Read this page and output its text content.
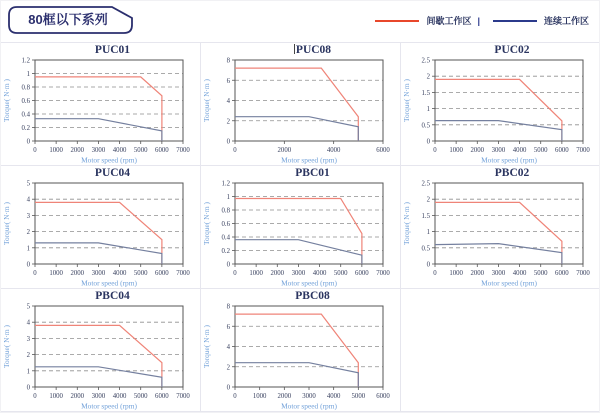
80框以下系列	间歇工作区 |	连续工作区
PUC01
0
0.2
0.4
0.6
0.8
1
1.2
0 1000 2000 3000 4000 5000 6000 7000
Motor speed (rpm)
Torque( N·m )
PUC08
0
2
4
6
8
0	2000	4000	6000
Motor speed (rpm)
Torque( N·m )
PUC02
0
0.5
1
1.5
2
2.5
0 1000 2000 3000 4000 5000 6000 7000
Motor speed (rpm)
Torque( N·m )
PUC04
0
1
2
3
4
5
0 1000 2000 3000 4000 5000 6000 7000
Motor speed (rpm)
Torque( N·m )
PBC01
0
0.2
0.4
0.6
0.8
1
1.2
0 1000 2000 3000 4000 5000 6000 7000
Motor speed (rpm)
Torque( N·m )
PBC02
0
0.5
1
1.5
2
2.5
0 1000 2000 3000 4000 5000 6000 7000
Motor speed (rpm)
Torque( N·m )
PBC04
0
1
2
3
4
5
0 1000 2000 3000 4000 5000 6000 7000
Motor speed (rpm)
Torque( N·m )
PBC08
0
2
4
6
8
0 1000 2000 3000 4000 5000 6000
Motor speed (rpm)
Torque( N·m )
